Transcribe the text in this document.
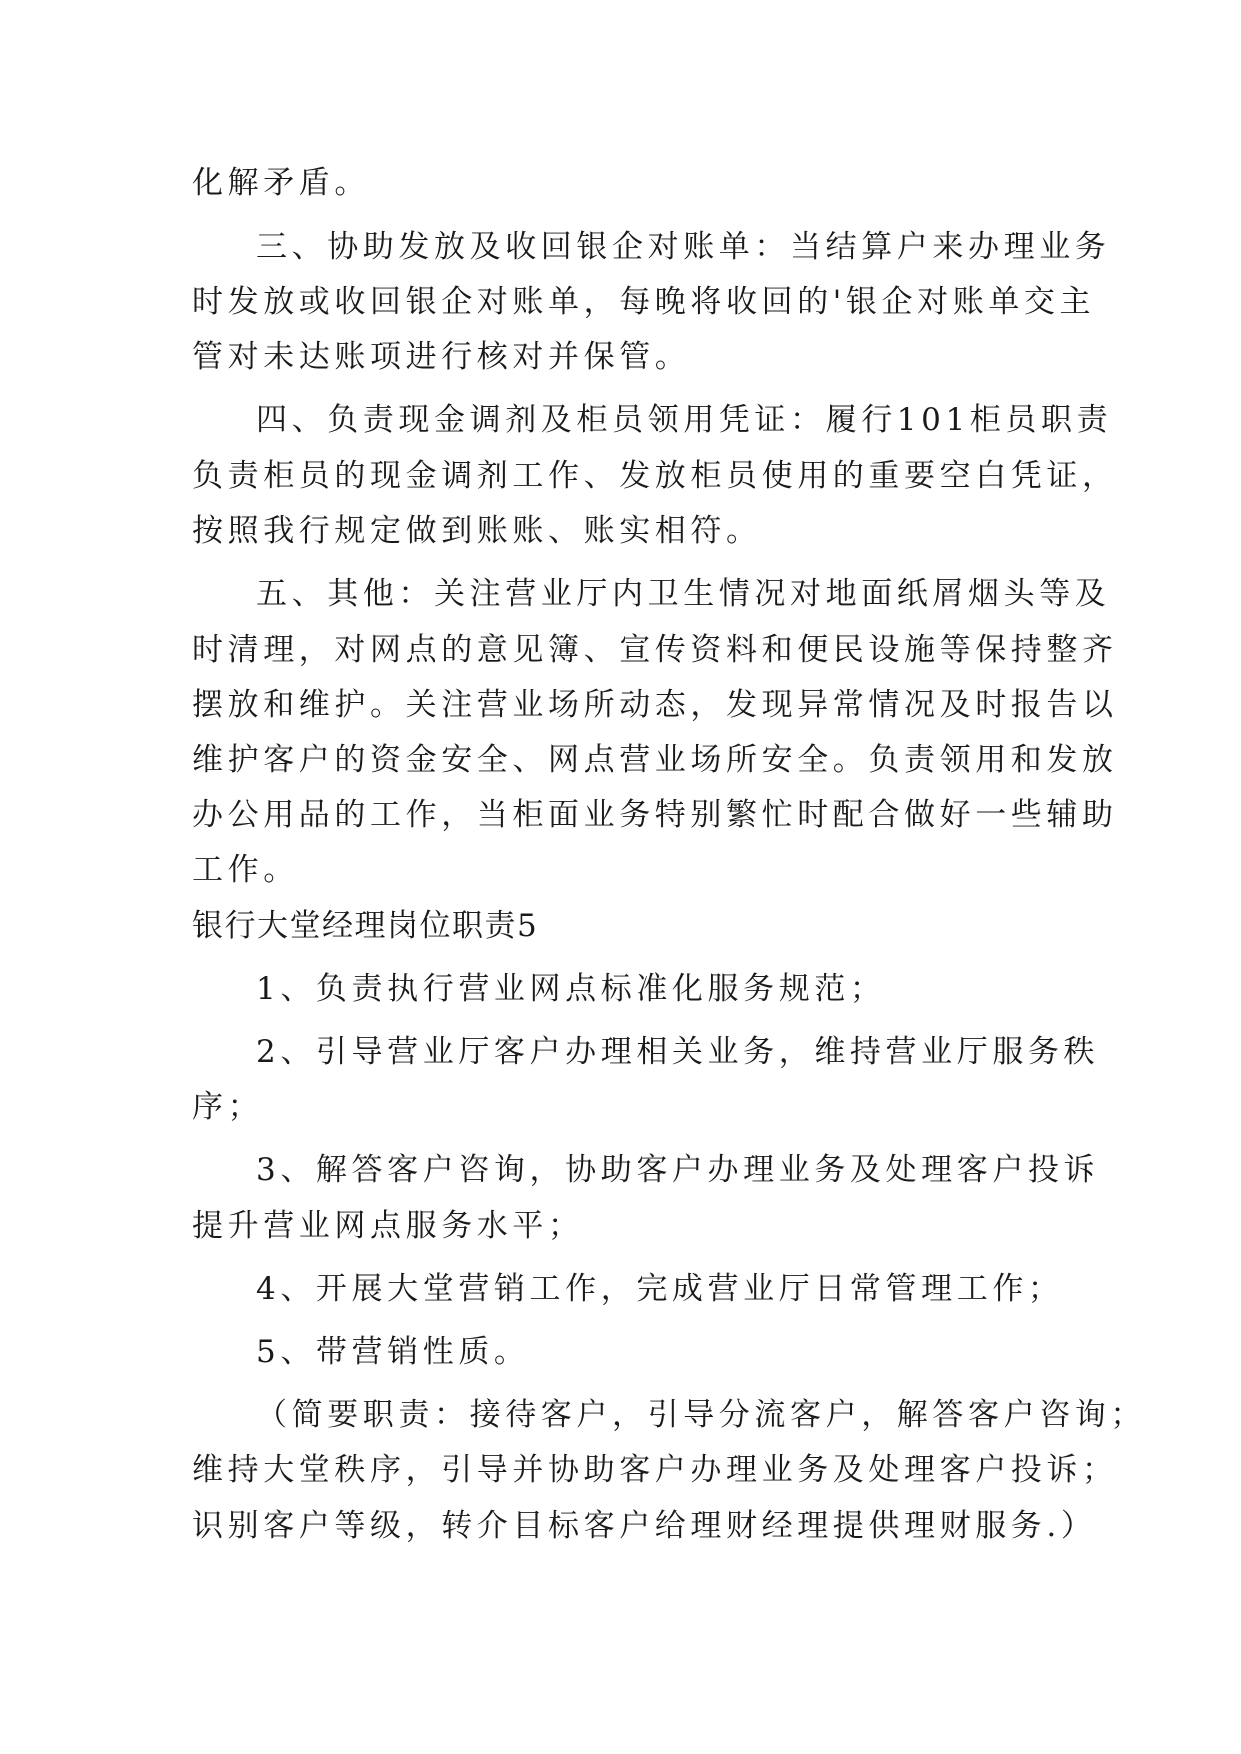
化解矛盾。
三、协助发放及收回银企对账单：当结算户来办理业务
时发放或收回银企对账单，每晚将收回的'银企对账单交主
管对未达账项进行核对并保管。
四、负责现金调剂及柜员领用凭证：履行101柜员职责
负责柜员的现金调剂工作、发放柜员使用的重要空白凭证，
按照我行规定做到账账、账实相符。
五、其他：关注营业厅内卫生情况对地面纸屑烟头等及
时清理，对网点的意见簿、宣传资料和便民设施等保持整齐
摆放和维护。关注营业场所动态，发现异常情况及时报告以
维护客户的资金安全、网点营业场所安全。负责领用和发放
办公用品的工作，当柜面业务特别繁忙时配合做好一些辅助
工作。
银行大堂经理岗位职责5
1、负责执行营业网点标准化服务规范；
2、引导营业厅客户办理相关业务，维持营业厅服务秩
序；
3、解答客户咨询，协助客户办理业务及处理客户投诉
提升营业网点服务水平；
4、开展大堂营销工作，完成营业厅日常管理工作；
5、带营销性质。
（简要职责：接待客户，引导分流客户，解答客户咨询；
维持大堂秩序，引导并协助客户办理业务及处理客户投诉；
识别客户等级，转介目标客户给理财经理提供理财服务.）
